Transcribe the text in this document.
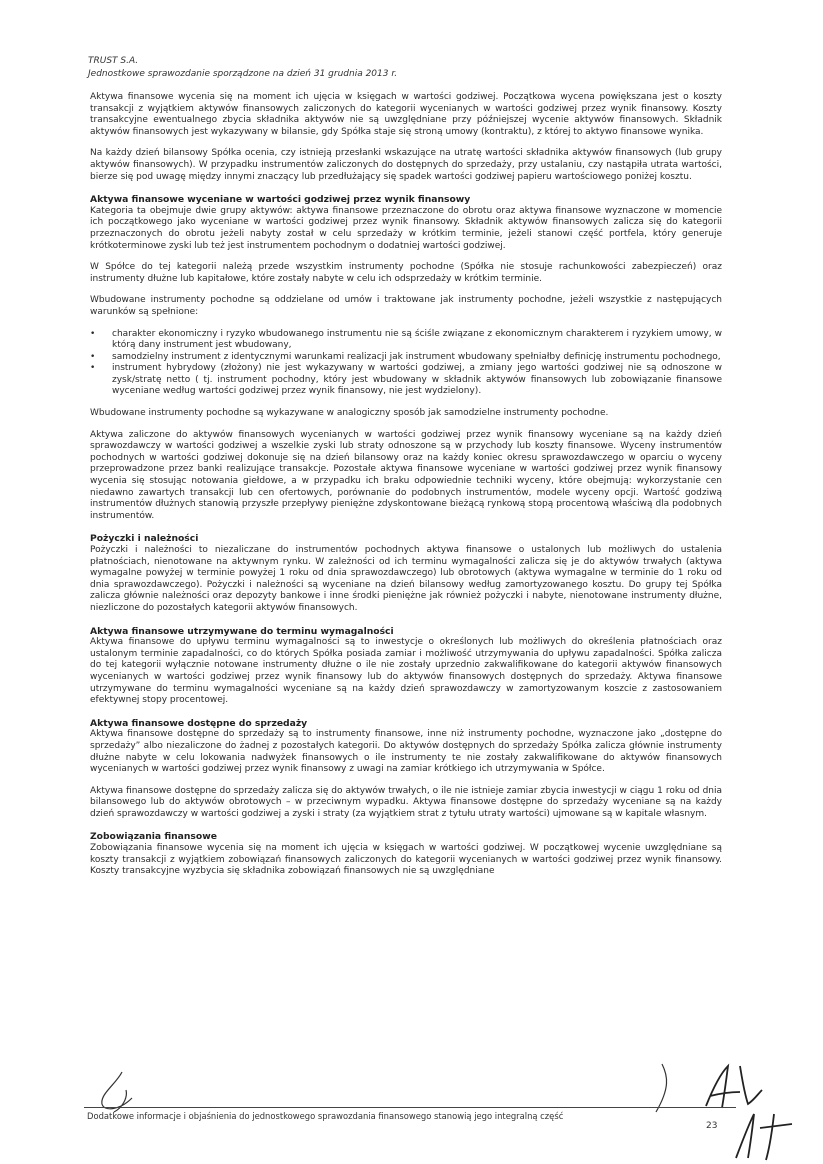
TRUST S.A.
Jednostkowe sprawozdanie sporządzone na dzień 31 grudnia 2013 r.

Aktywa finansowe wycenia się na moment ich ujęcia w księgach w wartości godziwej. Początkowa wycena powiększana jest o koszty transakcji z wyjątkiem aktywów finansowych zaliczonych do kategorii wycenianych w wartości godziwej przez wynik finansowy. Koszty transakcyjne ewentualnego zbycia składnika aktywów nie są uwzględniane przy późniejszej wycenie aktywów finansowych. Składnik aktywów finansowych jest wykazywany w bilansie, gdy Spółka staje się stroną umowy (kontraktu), z której to aktywo finansowe wynika.

Na każdy dzień bilansowy Spółka ocenia, czy istnieją przesłanki wskazujące na utratę wartości składnika aktywów finansowych (lub grupy aktywów finansowych). W przypadku instrumentów zaliczonych do dostępnych do sprzedaży, przy ustalaniu, czy nastąpiła utrata wartości, bierze się pod uwagę między innymi znaczący lub przedłużający się spadek wartości godziwej papieru wartościowego poniżej kosztu.

Aktywa finansowe wyceniane w wartości godziwej przez wynik finansowy

Kategoria ta obejmuje dwie grupy aktywów: aktywa finansowe przeznaczone do obrotu oraz aktywa finansowe wyznaczone w momencie ich początkowego jako wyceniane w wartości godziwej przez wynik finansowy. Składnik aktywów finansowych zalicza się do kategorii przeznaczonych do obrotu jeżeli nabyty został w celu sprzedaży w krótkim terminie, jeżeli stanowi część portfela, który generuje krótkoterminowe zyski lub też jest instrumentem pochodnym o dodatniej wartości godziwej.

W Spółce do tej kategorii należą przede wszystkim instrumenty pochodne (Spółka nie stosuje rachunkowości zabezpieczeń) oraz instrumenty dłużne lub kapitałowe, które zostały nabyte w celu ich odsprzedaży w krótkim terminie.

Wbudowane instrumenty pochodne są oddzielane od umów i traktowane jak instrumenty pochodne, jeżeli wszystkie z następujących warunków są spełnione:

• charakter ekonomiczny i ryzyko wbudowanego instrumentu nie są ściśle związane z ekonomicznym charakterem i ryzykiem umowy, w którą dany instrument jest wbudowany,
• samodzielny instrument z identycznymi warunkami realizacji jak instrument wbudowany spełniałby definicję instrumentu pochodnego,
• instrument hybrydowy (złożony) nie jest wykazywany w wartości godziwej, a zmiany jego wartości godziwej nie są odnoszone w zysk/stratę netto ( tj. instrument pochodny, który jest wbudowany w składnik aktywów finansowych lub zobowiązanie finansowe wyceniane według wartości godziwej przez wynik finansowy, nie jest wydzielony).

Wbudowane instrumenty pochodne są wykazywane w analogiczny sposób jak samodzielne instrumenty pochodne.

Aktywa zaliczone do aktywów finansowych wycenianych w wartości godziwej przez wynik finansowy wyceniane są na każdy dzień sprawozdawczy w wartości godziwej a wszelkie zyski lub straty odnoszone są w przychody lub koszty finansowe. Wyceny instrumentów pochodnych w wartości godziwej dokonuje się na dzień bilansowy oraz na każdy koniec okresu sprawozdawczego w oparciu o wyceny przeprowadzone przez banki realizujące transakcje. Pozostałe aktywa finansowe wyceniane w wartości godziwej przez wynik finansowy wycenia się stosując notowania giełdowe, a w przypadku ich braku odpowiednie techniki wyceny, które obejmują: wykorzystanie cen niedawno zawartych transakcji lub cen ofertowych, porównanie do podobnych instrumentów, modele wyceny opcji. Wartość godziwą instrumentów dłużnych stanowią przyszłe przepływy pieniężne zdyskontowane bieżącą rynkową stopą procentową właściwą dla podobnych instrumentów.

Pożyczki i należności

Pożyczki i należności to niezaliczane do instrumentów pochodnych aktywa finansowe o ustalonych lub możliwych do ustalenia płatnościach, nienotowane na aktywnym rynku. W zależności od ich terminu wymagalności zalicza się je do aktywów trwałych (aktywa wymagalne powyżej w terminie powyżej 1 roku od dnia sprawozdawczego) lub obrotowych (aktywa wymagalne w terminie do 1 roku od dnia sprawozdawczego). Pożyczki i należności są wyceniane na dzień bilansowy według zamortyzowanego kosztu. Do grupy tej Spółka zalicza głównie należności oraz depozyty bankowe i inne środki pieniężne jak również pożyczki i nabyte, nienotowane instrumenty dłużne, niezliczone do pozostałych kategorii aktywów finansowych.

Aktywa finansowe utrzymywane do terminu wymagalności

Aktywa finansowe do upływu terminu wymagalności są to inwestycje o określonych lub możliwych do określenia płatnościach oraz ustalonym terminie zapadalności, co do których Spółka posiada zamiar i możliwość utrzymywania do upływu zapadalności. Spółka zalicza do tej kategorii wyłącznie notowane instrumenty dłużne o ile nie zostały uprzednio zakwalifikowane do kategorii aktywów finansowych wycenianych w wartości godziwej przez wynik finansowy lub do aktywów finansowych dostępnych do sprzedaży. Aktywa finansowe utrzymywane do terminu wymagalności wyceniane są na każdy dzień sprawozdawczy w zamortyzowanym koszcie z zastosowaniem efektywnej stopy procentowej.

Aktywa finansowe dostępne do sprzedaży

Aktywa finansowe dostępne do sprzedaży są to instrumenty finansowe, inne niż instrumenty pochodne, wyznaczone jako „dostępne do sprzedaży” albo niezaliczone do żadnej z pozostałych kategorii. Do aktywów dostępnych do sprzedaży Spółka zalicza głównie instrumenty dłużne nabyte w celu lokowania nadwyżek finansowych o ile instrumenty te nie zostały zakwalifikowane do aktywów finansowych wycenianych w wartości godziwej przez wynik finansowy z uwagi na zamiar krótkiego ich utrzymywania w Spółce.

Aktywa finansowe dostępne do sprzedaży zalicza się do aktywów trwałych, o ile nie istnieje zamiar zbycia inwestycji w ciągu 1 roku od dnia bilansowego lub do aktywów obrotowych – w przeciwnym wypadku. Aktywa finansowe dostępne do sprzedaży wyceniane są na każdy dzień sprawozdawczy w wartości godziwej a zyski i straty (za wyjątkiem strat z tytułu utraty wartości) ujmowane są w kapitale własnym.

Zobowiązania finansowe

Zobowiązania finansowe wycenia się na moment ich ujęcia w księgach w wartości godziwej. W początkowej wycenie uwzględniane są koszty transakcji z wyjątkiem zobowiązań finansowych zaliczonych do kategorii wycenianych w wartości godziwej przez wynik finansowy. Koszty transakcyjne wyzbycia się składnika zobowiązań finansowych nie są uwzględniane

Dodatkowe informacje i objaśnienia do jednostkowego sprawozdania finansowego stanowią jego integralną część
23
